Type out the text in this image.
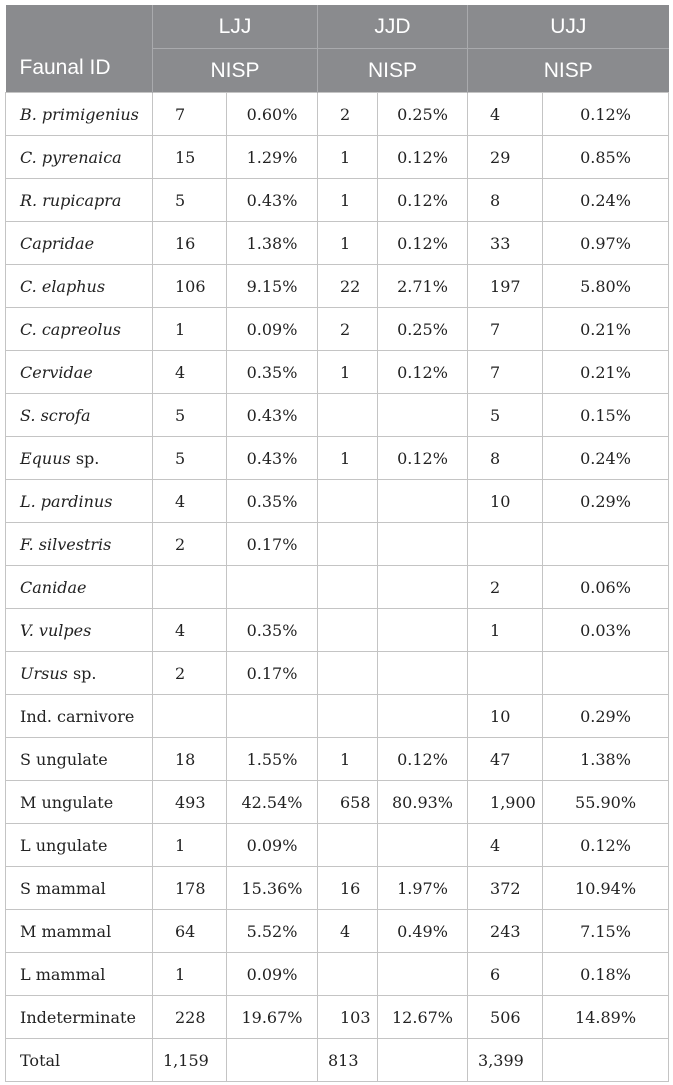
Faunal ID	LJJ		JJD		UJJ	
	NISP		NISP		NISP	
B. primigenius	7	0.60%	2	0.25%	4	0.12%
C. pyrenaica	15	1.29%	1	0.12%	29	0.85%
R. rupicapra	5	0.43%	1	0.12%	8	0.24%
Capridae	16	1.38%	1	0.12%	33	0.97%
C. elaphus	106	9.15%	22	2.71%	197	5.80%
C. capreolus	1	0.09%	2	0.25%	7	0.21%
Cervidae	4	0.35%	1	0.12%	7	0.21%
S. scrofa	5	0.43%			5	0.15%
Equus sp.	5	0.43%	1	0.12%	8	0.24%
L. pardinus	4	0.35%			10	0.29%
F. silvestris	2	0.17%				
Canidae					2	0.06%
V. vulpes	4	0.35%			1	0.03%
Ursus sp.	2	0.17%				
Ind. carnivore					10	0.29%
S ungulate	18	1.55%	1	0.12%	47	1.38%
M ungulate	493	42.54%	658	80.93%	1,900	55.90%
L ungulate	1	0.09%			4	0.12%
S mammal	178	15.36%	16	1.97%	372	10.94%
M mammal	64	5.52%	4	0.49%	243	7.15%
L mammal	1	0.09%			6	0.18%
Indeterminate	228	19.67%	103	12.67%	506	14.89%
Total	1,159		813		3,399	
